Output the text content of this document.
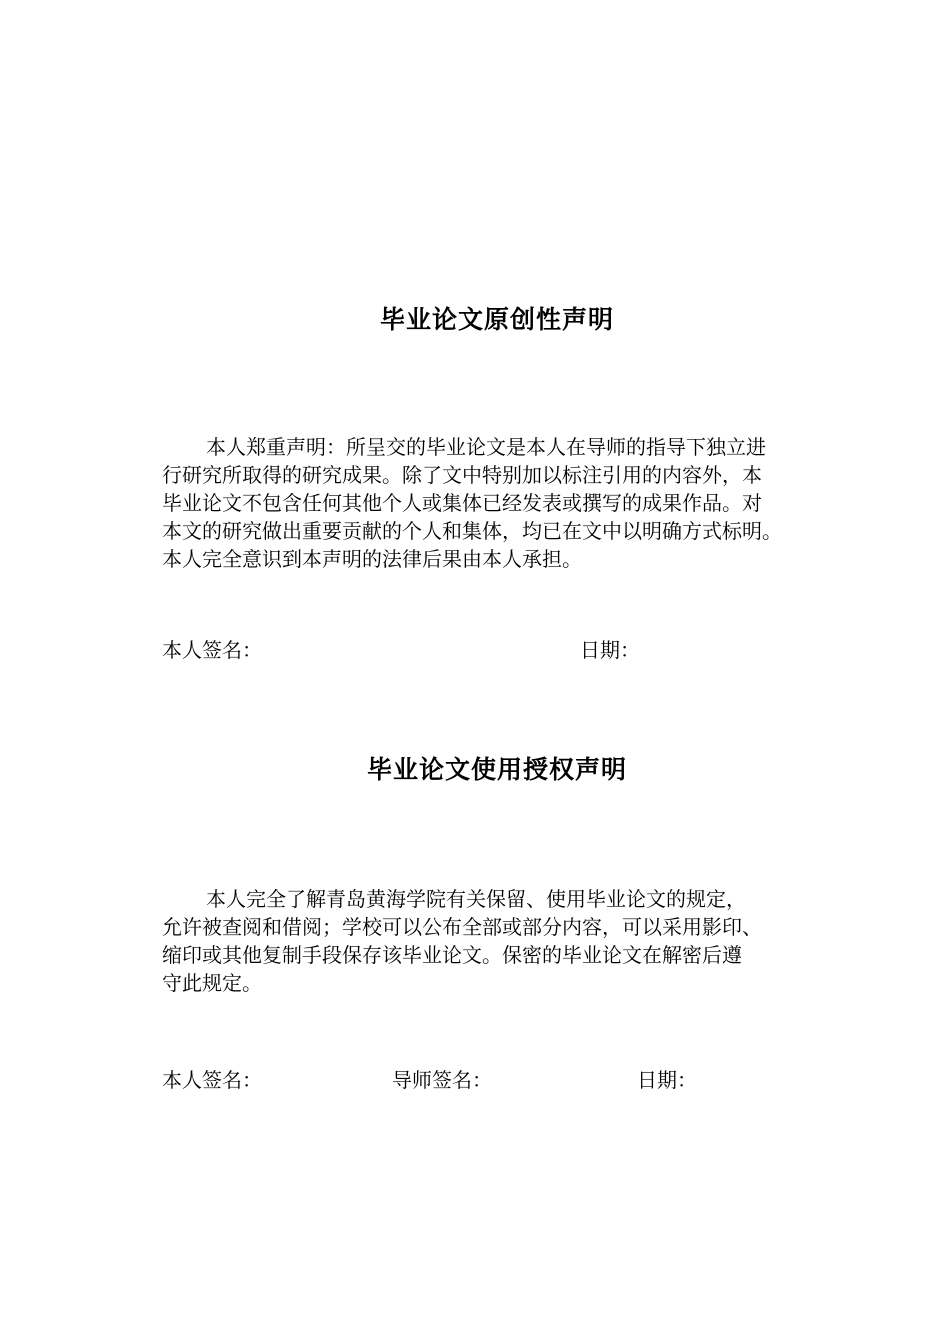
毕业论文原创性声明
本人郑重声明：所呈交的毕业论文是本人在导师的指导下独立进
行研究所取得的研究成果。除了文中特别加以标注引用的内容外，本
毕业论文不包含任何其他个人或集体已经发表或撰写的成果作品。对
本文的研究做出重要贡献的个人和集体，均已在文中以明确方式标明。
本人完全意识到本声明的法律后果由本人承担。
本人签名：	日期：
毕业论文使用授权声明
本人完全了解青岛黄海学院有关保留、使用毕业论文的规定，
允许被查阅和借阅；学校可以公布全部或部分内容，可以采用影印、
缩印或其他复制手段保存该毕业论文。保密的毕业论文在解密后遵
守此规定。
本人签名：	导师签名：	日期：
